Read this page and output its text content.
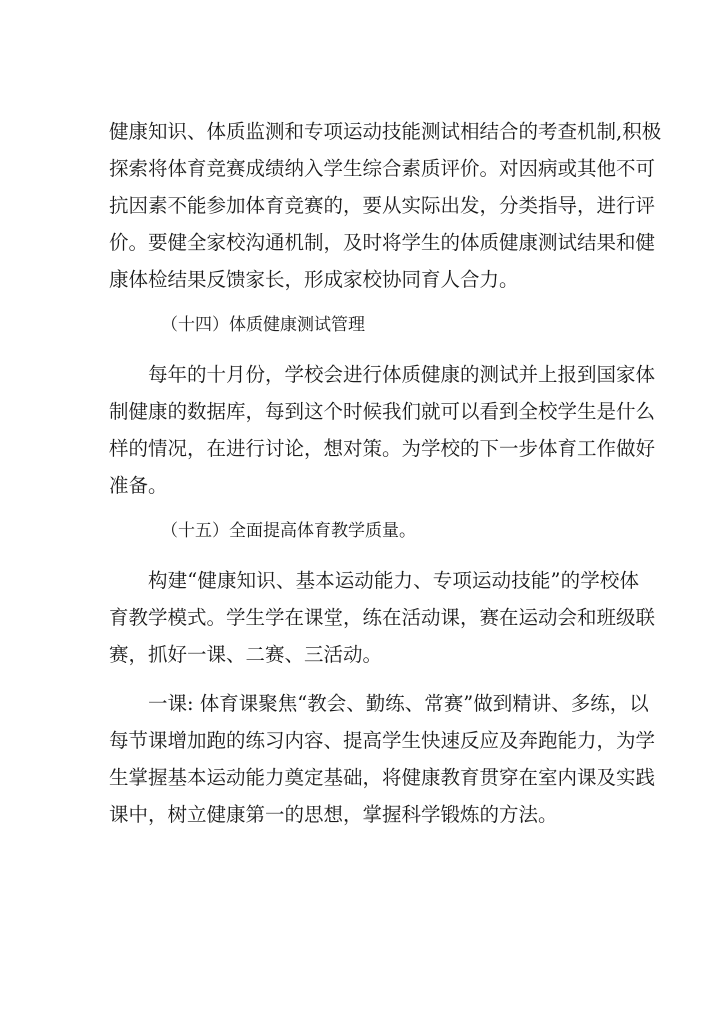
健康知识、体质监测和专项运动技能测试相结合的考查机制,积极
探索将体育竞赛成绩纳入学生综合素质评价。对因病或其他不可
抗因素不能参加体育竞赛的，要从实际出发，分类指导，进行评
价。要健全家校沟通机制，及时将学生的体质健康测试结果和健
康体检结果反馈家长，形成家校协同育人合力。
（十四）体质健康测试管理
每年的十月份，学校会进行体质健康的测试并上报到国家体
制健康的数据库，每到这个时候我们就可以看到全校学生是什么
样的情况，在进行讨论，想对策。为学校的下一步体育工作做好
准备。
（十五）全面提高体育教学质量。
构建“健康知识、基本运动能力、专项运动技能”的学校体
育教学模式。学生学在课堂，练在活动课，赛在运动会和班级联
赛，抓好一课、二赛、三活动。
一课: 体育课聚焦“教会、勤练、常赛”做到精讲、多练，以
每节课增加跑的练习内容、提高学生快速反应及奔跑能力，为学
生掌握基本运动能力奠定基础，将健康教育贯穿在室内课及实践
课中，树立健康第一的思想，掌握科学锻炼的方法。
